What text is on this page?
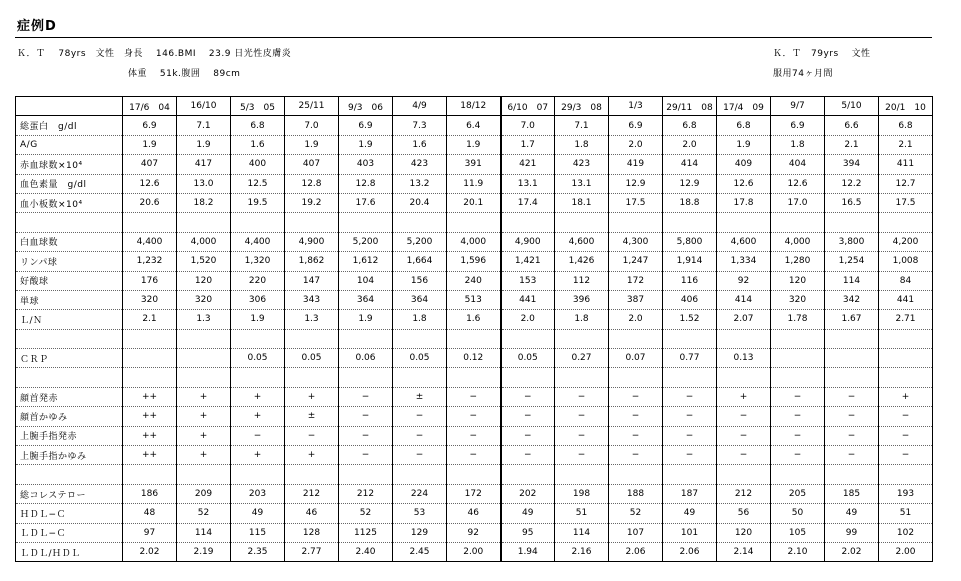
症例D
Ｋ．Ｔ　 78yrs　文性　身長　 146.BMI　 23.9 日光性皮膚炎
体重　 51k.腹囲　 89cm
Ｋ．Ｔ　79yrs　 文性
服用74ヶ月間
	17/6　04	16/10	5/3　05	25/11	9/3　06	4/9	18/12	6/10　07	29/3　08	1/3	29/11　08	17/4　09	9/7	5/10	20/1　10
総蛋白　g/dl	6.9	7.1	6.8	7.0	6.9	7.3	6.4	7.0	7.1	6.9	6.8	6.8	6.9	6.6	6.8
A/G	1.9	1.9	1.6	1.9	1.9	1.6	1.9	1.7	1.8	2.0	2.0	1.9	1.8	2.1	2.1
赤血球数×10⁴	407	417	400	407	403	423	391	421	423	419	414	409	404	394	411
血色素量　g/dl	12.6	13.0	12.5	12.8	12.8	13.2	11.9	13.1	13.1	12.9	12.9	12.6	12.6	12.2	12.7
血小板数×10⁴	20.6	18.2	19.5	19.2	17.6	20.4	20.1	17.4	18.1	17.5	18.8	17.8	17.0	16.5	17.5

白血球数	4,400	4,000	4,400	4,900	5,200	5,200	4,000	4,900	4,600	4,300	5,800	4,600	4,000	3,800	4,200
リンパ球	1,232	1,520	1,320	1,862	1,612	1,664	1,596	1,421	1,426	1,247	1,914	1,334	1,280	1,254	1,008
好酸球	176	120	220	147	104	156	240	153	112	172	116	92	120	114	84
単球	320	320	306	343	364	364	513	441	396	387	406	414	320	342	441
Ｌ/Ｎ	2.1	1.3	1.9	1.3	1.9	1.8	1.6	2.0	1.8	2.0	1.52	2.07	1.78	1.67	2.71

ＣＲＰ			0.05	0.05	0.06	0.05	0.12	0.05	0.27	0.07	0.77	0.13			

顔首発赤	++	+	+	+	−	±	−	−	−	−	−	+	−	−	+
顔首かゆみ	++	+	+	±	−	−	−	−	−	−	−	−	−	−	−
上腕手指発赤	++	+	−	−	−	−	−	−	−	−	−	−	−	−	−
上腕手指かゆみ	++	+	+	+	−	−	−	−	−	−	−	−	−	−	−

総コレステロー	186	209	203	212	212	224	172	202	198	188	187	212	205	185	193
ＨＤＬ−Ｃ	48	52	49	46	52	53	46	49	51	52	49	56	50	49	51
ＬＤＬ−Ｃ	97	114	115	128	1125	129	92	95	114	107	101	120	105	99	102
ＬＤＬ/ＨＤＬ	2.02	2.19	2.35	2.77	2.40	2.45	2.00	1.94	2.16	2.06	2.06	2.14	2.10	2.02	2.00
